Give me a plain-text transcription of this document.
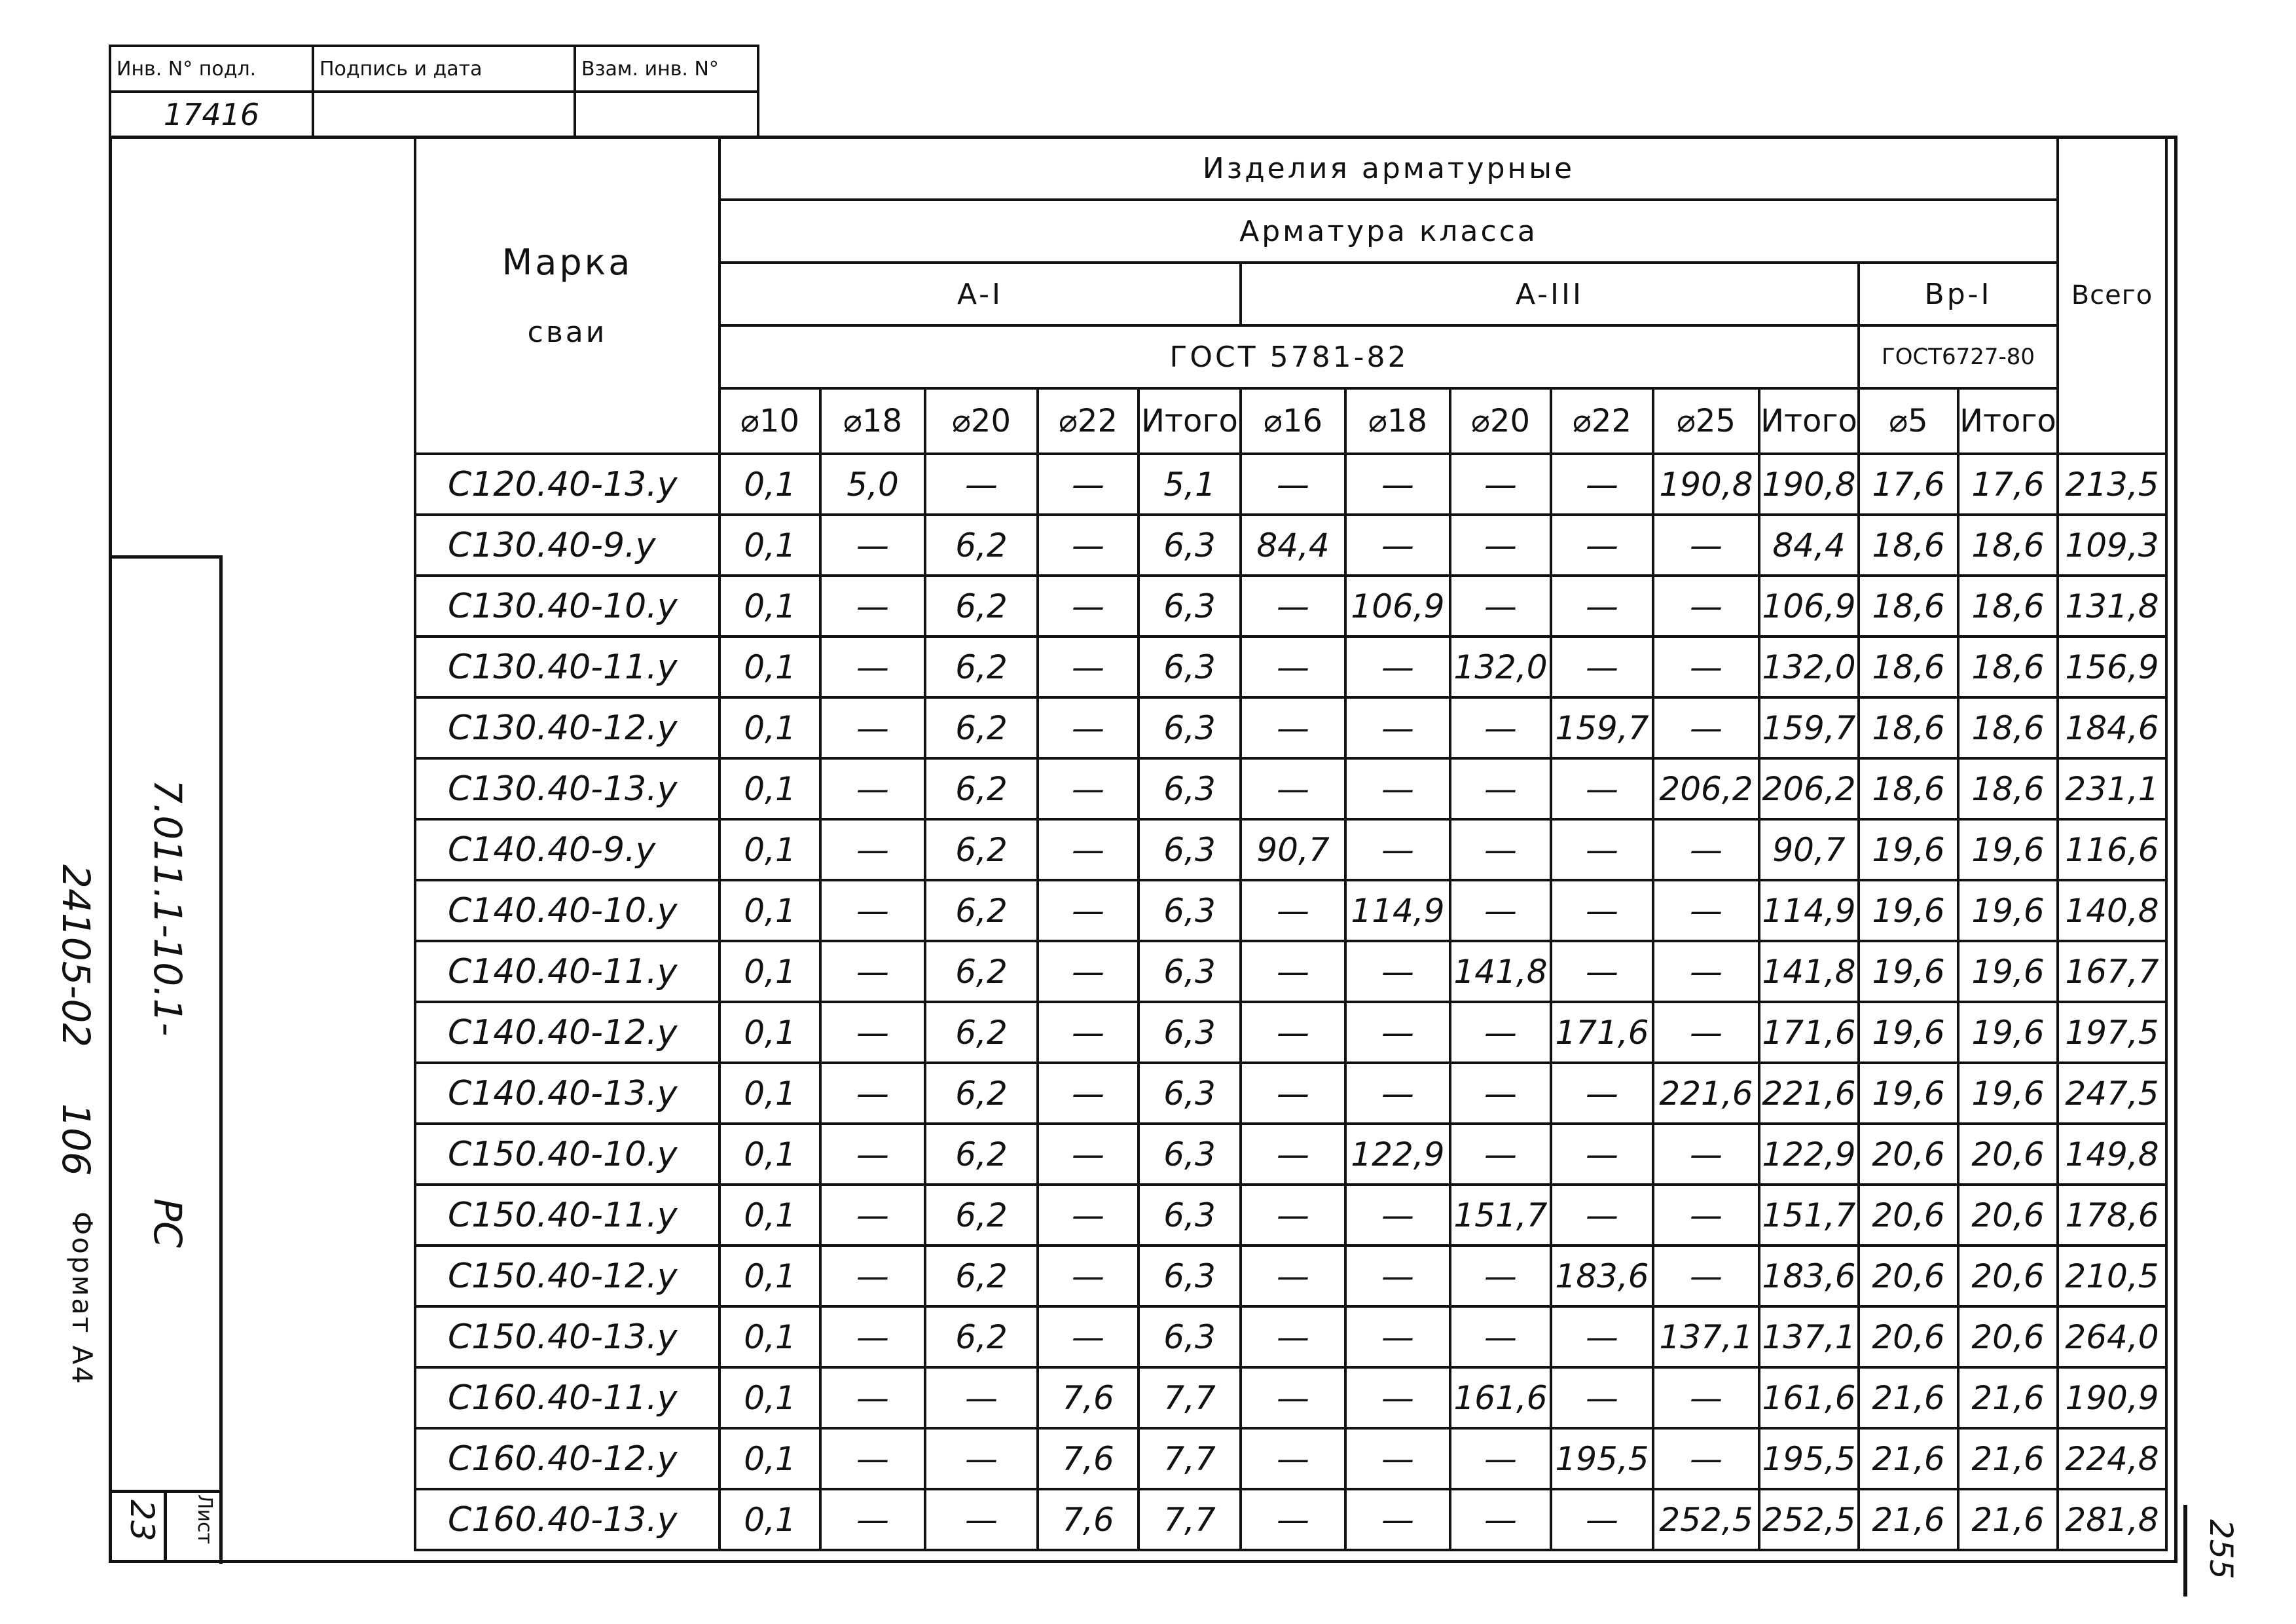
Инв. N° подл.	Подпись и дата	Взам. инв. N°
17416		
7.011.1-10.1-
24105-02
106
Формат А4 РС
23 Лист	255
Марка
сваи	Изделия арматурные													Всего
	Арматура класса													
	A-I					A-III						Bp-I		
	ГОСТ 5781-82											ГОСТ6727-80		
	⌀10	⌀18	⌀20	⌀22	Итого	⌀16	⌀18	⌀20	⌀22	⌀25	Итого	⌀5	Итого	
С120.40-13.у	0,1	5,0	—	—	5,1	—	—	—	—	190,8	190,8	17,6	17,6	213,5
С130.40-9.у	0,1	—	6,2	—	6,3	84,4	—	—	—	—	84,4	18,6	18,6	109,3
С130.40-10.у	0,1	—	6,2	—	6,3	—	106,9	—	—	—	106,9	18,6	18,6	131,8
С130.40-11.у	0,1	—	6,2	—	6,3	—	—	132,0	—	—	132,0	18,6	18,6	156,9
С130.40-12.у	0,1	—	6,2	—	6,3	—	—	—	159,7	—	159,7	18,6	18,6	184,6
С130.40-13.у	0,1	—	6,2	—	6,3	—	—	—	—	206,2	206,2	18,6	18,6	231,1
С140.40-9.у	0,1	—	6,2	—	6,3	90,7	—	—	—	—	90,7	19,6	19,6	116,6
С140.40-10.у	0,1	—	6,2	—	6,3	—	114,9	—	—	—	114,9	19,6	19,6	140,8
С140.40-11.у	0,1	—	6,2	—	6,3	—	—	141,8	—	—	141,8	19,6	19,6	167,7
С140.40-12.у	0,1	—	6,2	—	6,3	—	—	—	171,6	—	171,6	19,6	19,6	197,5
С140.40-13.у	0,1	—	6,2	—	6,3	—	—	—	—	221,6	221,6	19,6	19,6	247,5
С150.40-10.у	0,1	—	6,2	—	6,3	—	122,9	—	—	—	122,9	20,6	20,6	149,8
С150.40-11.у	0,1	—	6,2	—	6,3	—	—	151,7	—	—	151,7	20,6	20,6	178,6
С150.40-12.у	0,1	—	6,2	—	6,3	—	—	—	183,6	—	183,6	20,6	20,6	210,5
С150.40-13.у	0,1	—	6,2	—	6,3	—	—	—	—	137,1	137,1	20,6	20,6	264,0
С160.40-11.у	0,1	—	—	7,6	7,7	—	—	161,6	—	—	161,6	21,6	21,6	190,9
С160.40-12.у	0,1	—	—	7,6	7,7	—	—	—	195,5	—	195,5	21,6	21,6	224,8
С160.40-13.у	0,1	—	—	7,6	7,7	—	—	—	—	252,5	252,5	21,6	21,6	281,8
